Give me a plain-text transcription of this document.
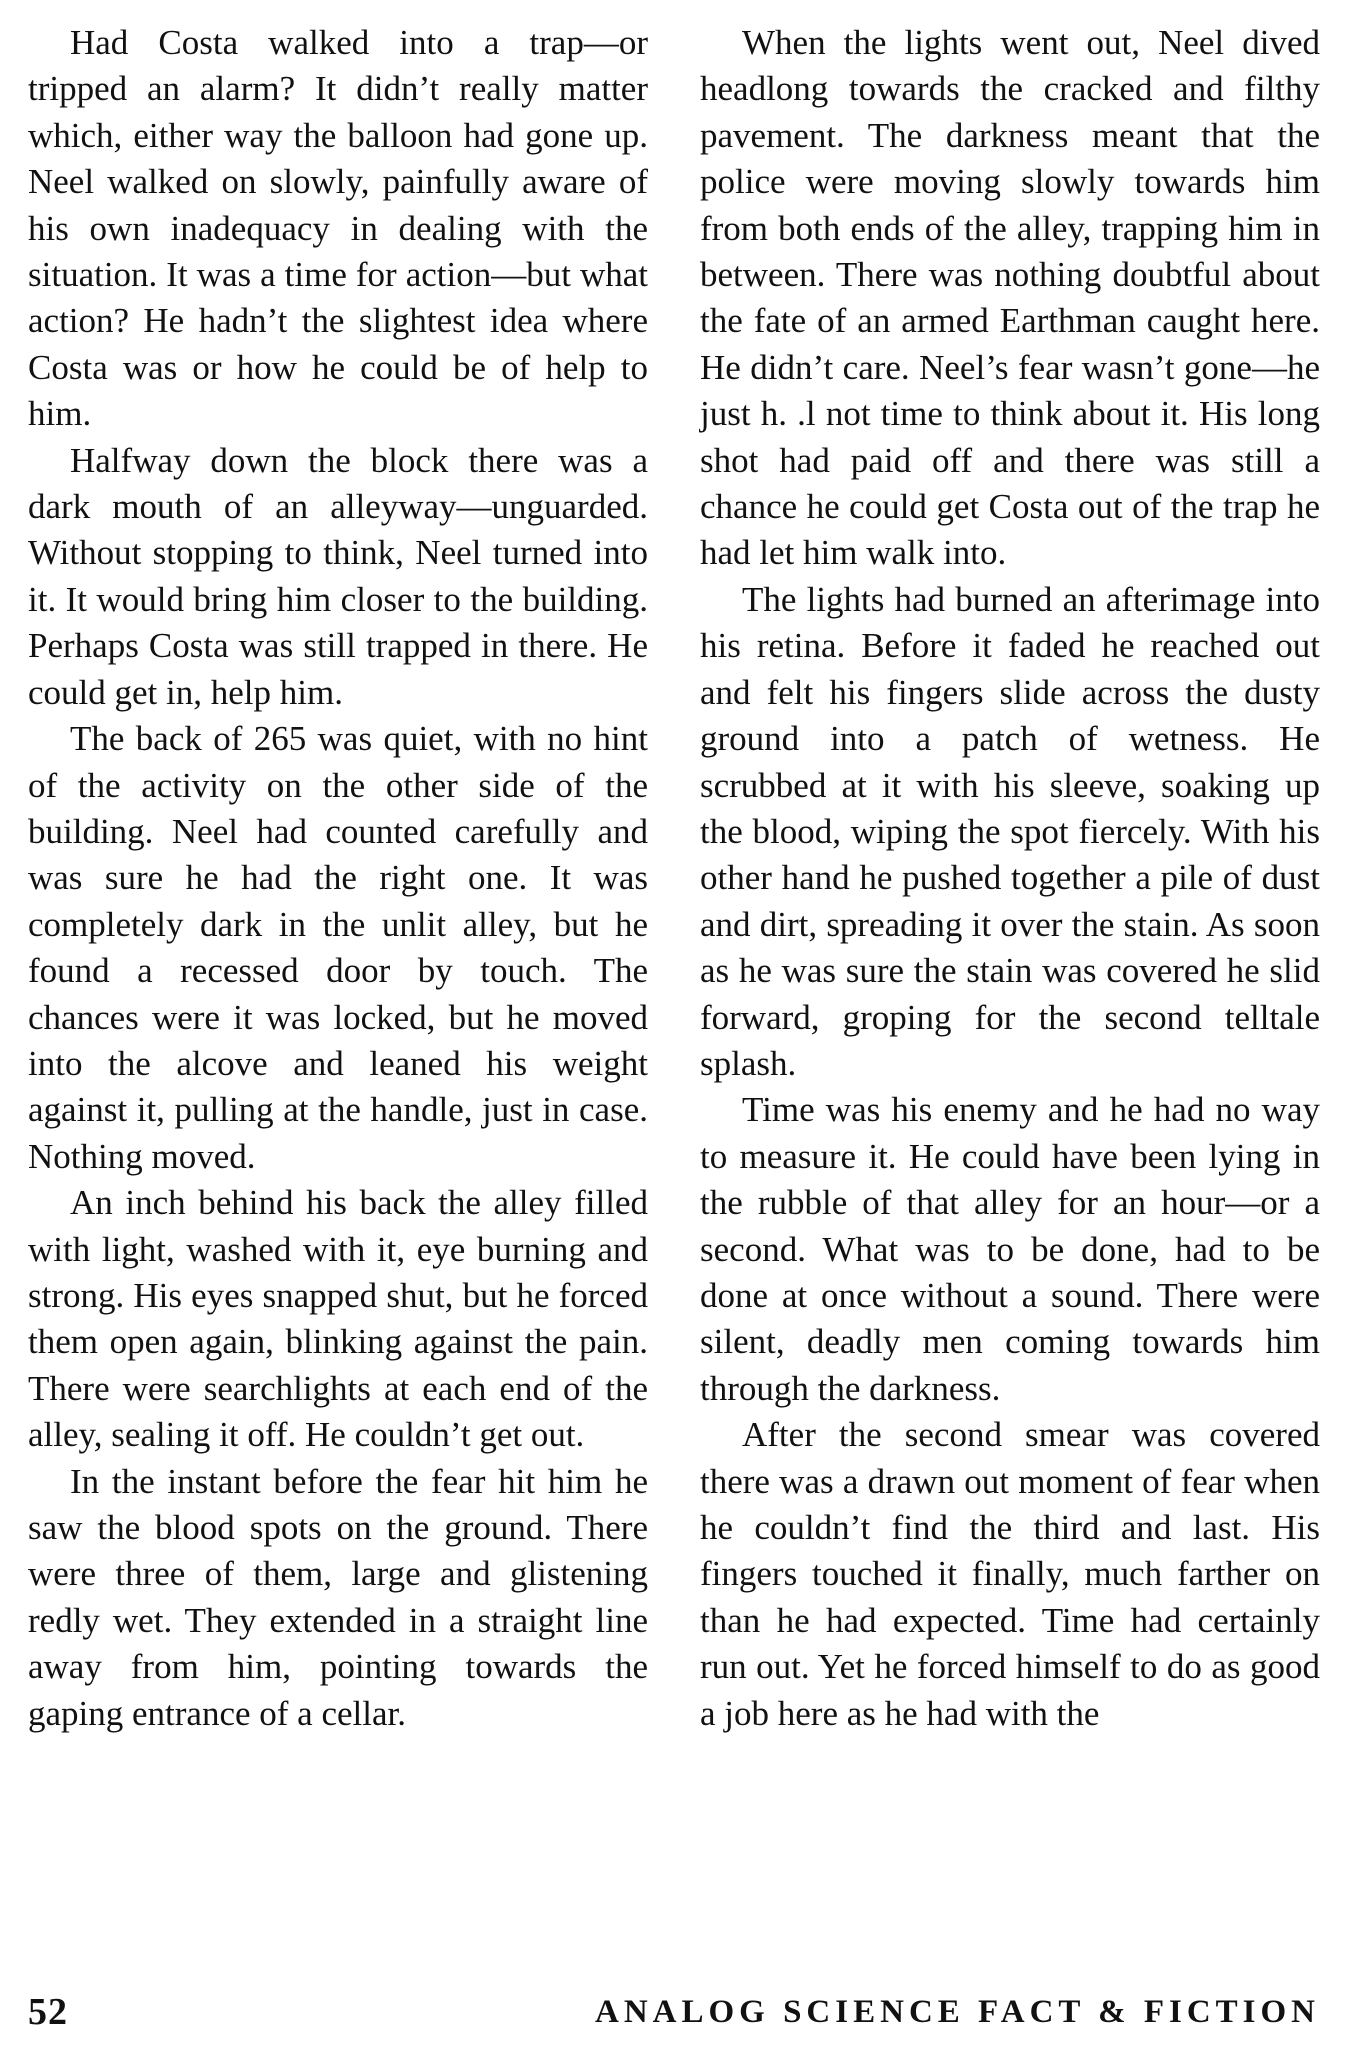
Had Costa walked into a trap—or tripped an alarm? It didn’t really matter which, either way the balloon had gone up. Neel walked on slowly, painfully aware of his own inadequacy in dealing with the situation. It was a time for action—but what action? He hadn’t the slightest idea where Costa was or how he could be of help to him.

Halfway down the block there was a dark mouth of an alleyway—unguarded. Without stopping to think, Neel turned into it. It would bring him closer to the building. Perhaps Costa was still trapped in there. He could get in, help him.

The back of 265 was quiet, with no hint of the activity on the other side of the building. Neel had counted carefully and was sure he had the right one. It was completely dark in the unlit alley, but he found a recessed door by touch. The chances were it was locked, but he moved into the alcove and leaned his weight against it, pulling at the handle, just in case. Nothing moved.

An inch behind his back the alley filled with light, washed with it, eye burning and strong. His eyes snapped shut, but he forced them open again, blinking against the pain. There were searchlights at each end of the alley, sealing it off. He couldn’t get out.

In the instant before the fear hit him he saw the blood spots on the ground. There were three of them, large and glistening redly wet. They extended in a straight line away from him, pointing towards the gaping entrance of a cellar.

When the lights went out, Neel dived headlong towards the cracked and filthy pavement. The darkness meant that the police were moving slowly towards him from both ends of the alley, trapping him in between. There was nothing doubtful about the fate of an armed Earthman caught here. He didn’t care. Neel’s fear wasn’t gone—he just h. .l not time to think about it. His long shot had paid off and there was still a chance he could get Costa out of the trap he had let him walk into.

The lights had burned an afterimage into his retina. Before it faded he reached out and felt his fingers slide across the dusty ground into a patch of wetness. He scrubbed at it with his sleeve, soaking up the blood, wiping the spot fiercely. With his other hand he pushed together a pile of dust and dirt, spreading it over the stain. As soon as he was sure the stain was covered he slid forward, groping for the second telltale splash.

Time was his enemy and he had no way to measure it. He could have been lying in the rubble of that alley for an hour—or a second. What was to be done, had to be done at once without a sound. There were silent, deadly men coming towards him through the darkness.

After the second smear was covered there was a drawn out moment of fear when he couldn’t find the third and last. His fingers touched it finally, much farther on than he had expected. Time had certainly run out. Yet he forced himself to do as good a job here as he had with the

52	ANALOG SCIENCE FACT & FICTION
